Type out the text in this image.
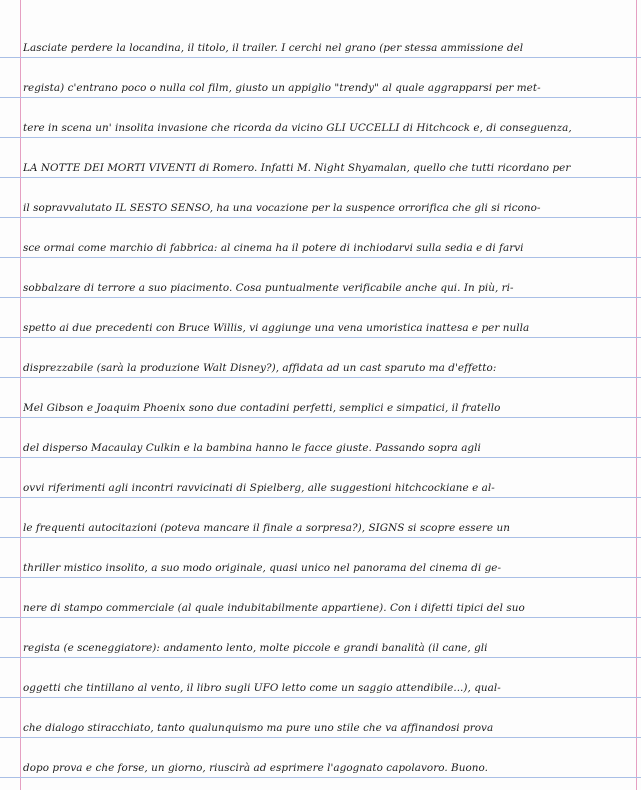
Lasciate perdere la locandina, il titolo, il trailer. I cerchi nel grano (per stessa ammissione del

regista) c'entrano poco o nulla col film, giusto un appiglio "trendy" al quale aggrapparsi per met-

tere in scena un' insolita invasione che ricorda da vicino GLI UCCELLI di Hitchcock e, di conseguenza,

LA NOTTE DEI MORTI VIVENTI di Romero. Infatti M. Night Shyamalan, quello che tutti ricordano per

il sopravvalutato IL SESTO SENSO, ha una vocazione per la suspence orrorifica che gli si ricono-

sce ormai come marchio di fabbrica: al cinema ha il potere di inchiodarvi sulla sedia e di farvi

sobbalzare di terrore a suo piacimento. Cosa puntualmente verificabile anche qui. In più, ri-

spetto ai due precedenti con Bruce Willis, vi aggiunge una vena umoristica inattesa e per nulla

disprezzabile (sarà la produzione Walt Disney?), affidata ad un cast sparuto ma d'effetto:

Mel Gibson e Joaquim Phoenix sono due contadini perfetti, semplici e simpatici, il fratello

del disperso Macaulay Culkin e la bambina hanno le facce giuste. Passando sopra agli

ovvi riferimenti agli incontri ravvicinati di Spielberg, alle suggestioni hitchcockiane e al-

le frequenti autocitazioni (poteva mancare il finale a sorpresa?), SIGNS si scopre essere un

thriller mistico insolito, a suo modo originale, quasi unico nel panorama del cinema di ge-

nere di stampo commerciale (al quale indubitabilmente appartiene). Con i difetti tipici del suo

regista (e sceneggiatore): andamento lento, molte piccole e grandi banalità (il cane, gli

oggetti che tintillano al vento, il libro sugli UFO letto come un saggio attendibile...), qual-

che dialogo stiracchiato, tanto qualunquismo ma pure uno stile che va affinandosi prova

dopo prova e che forse, un giorno, riuscirà ad esprimere l'agognato capolavoro. Buono.
